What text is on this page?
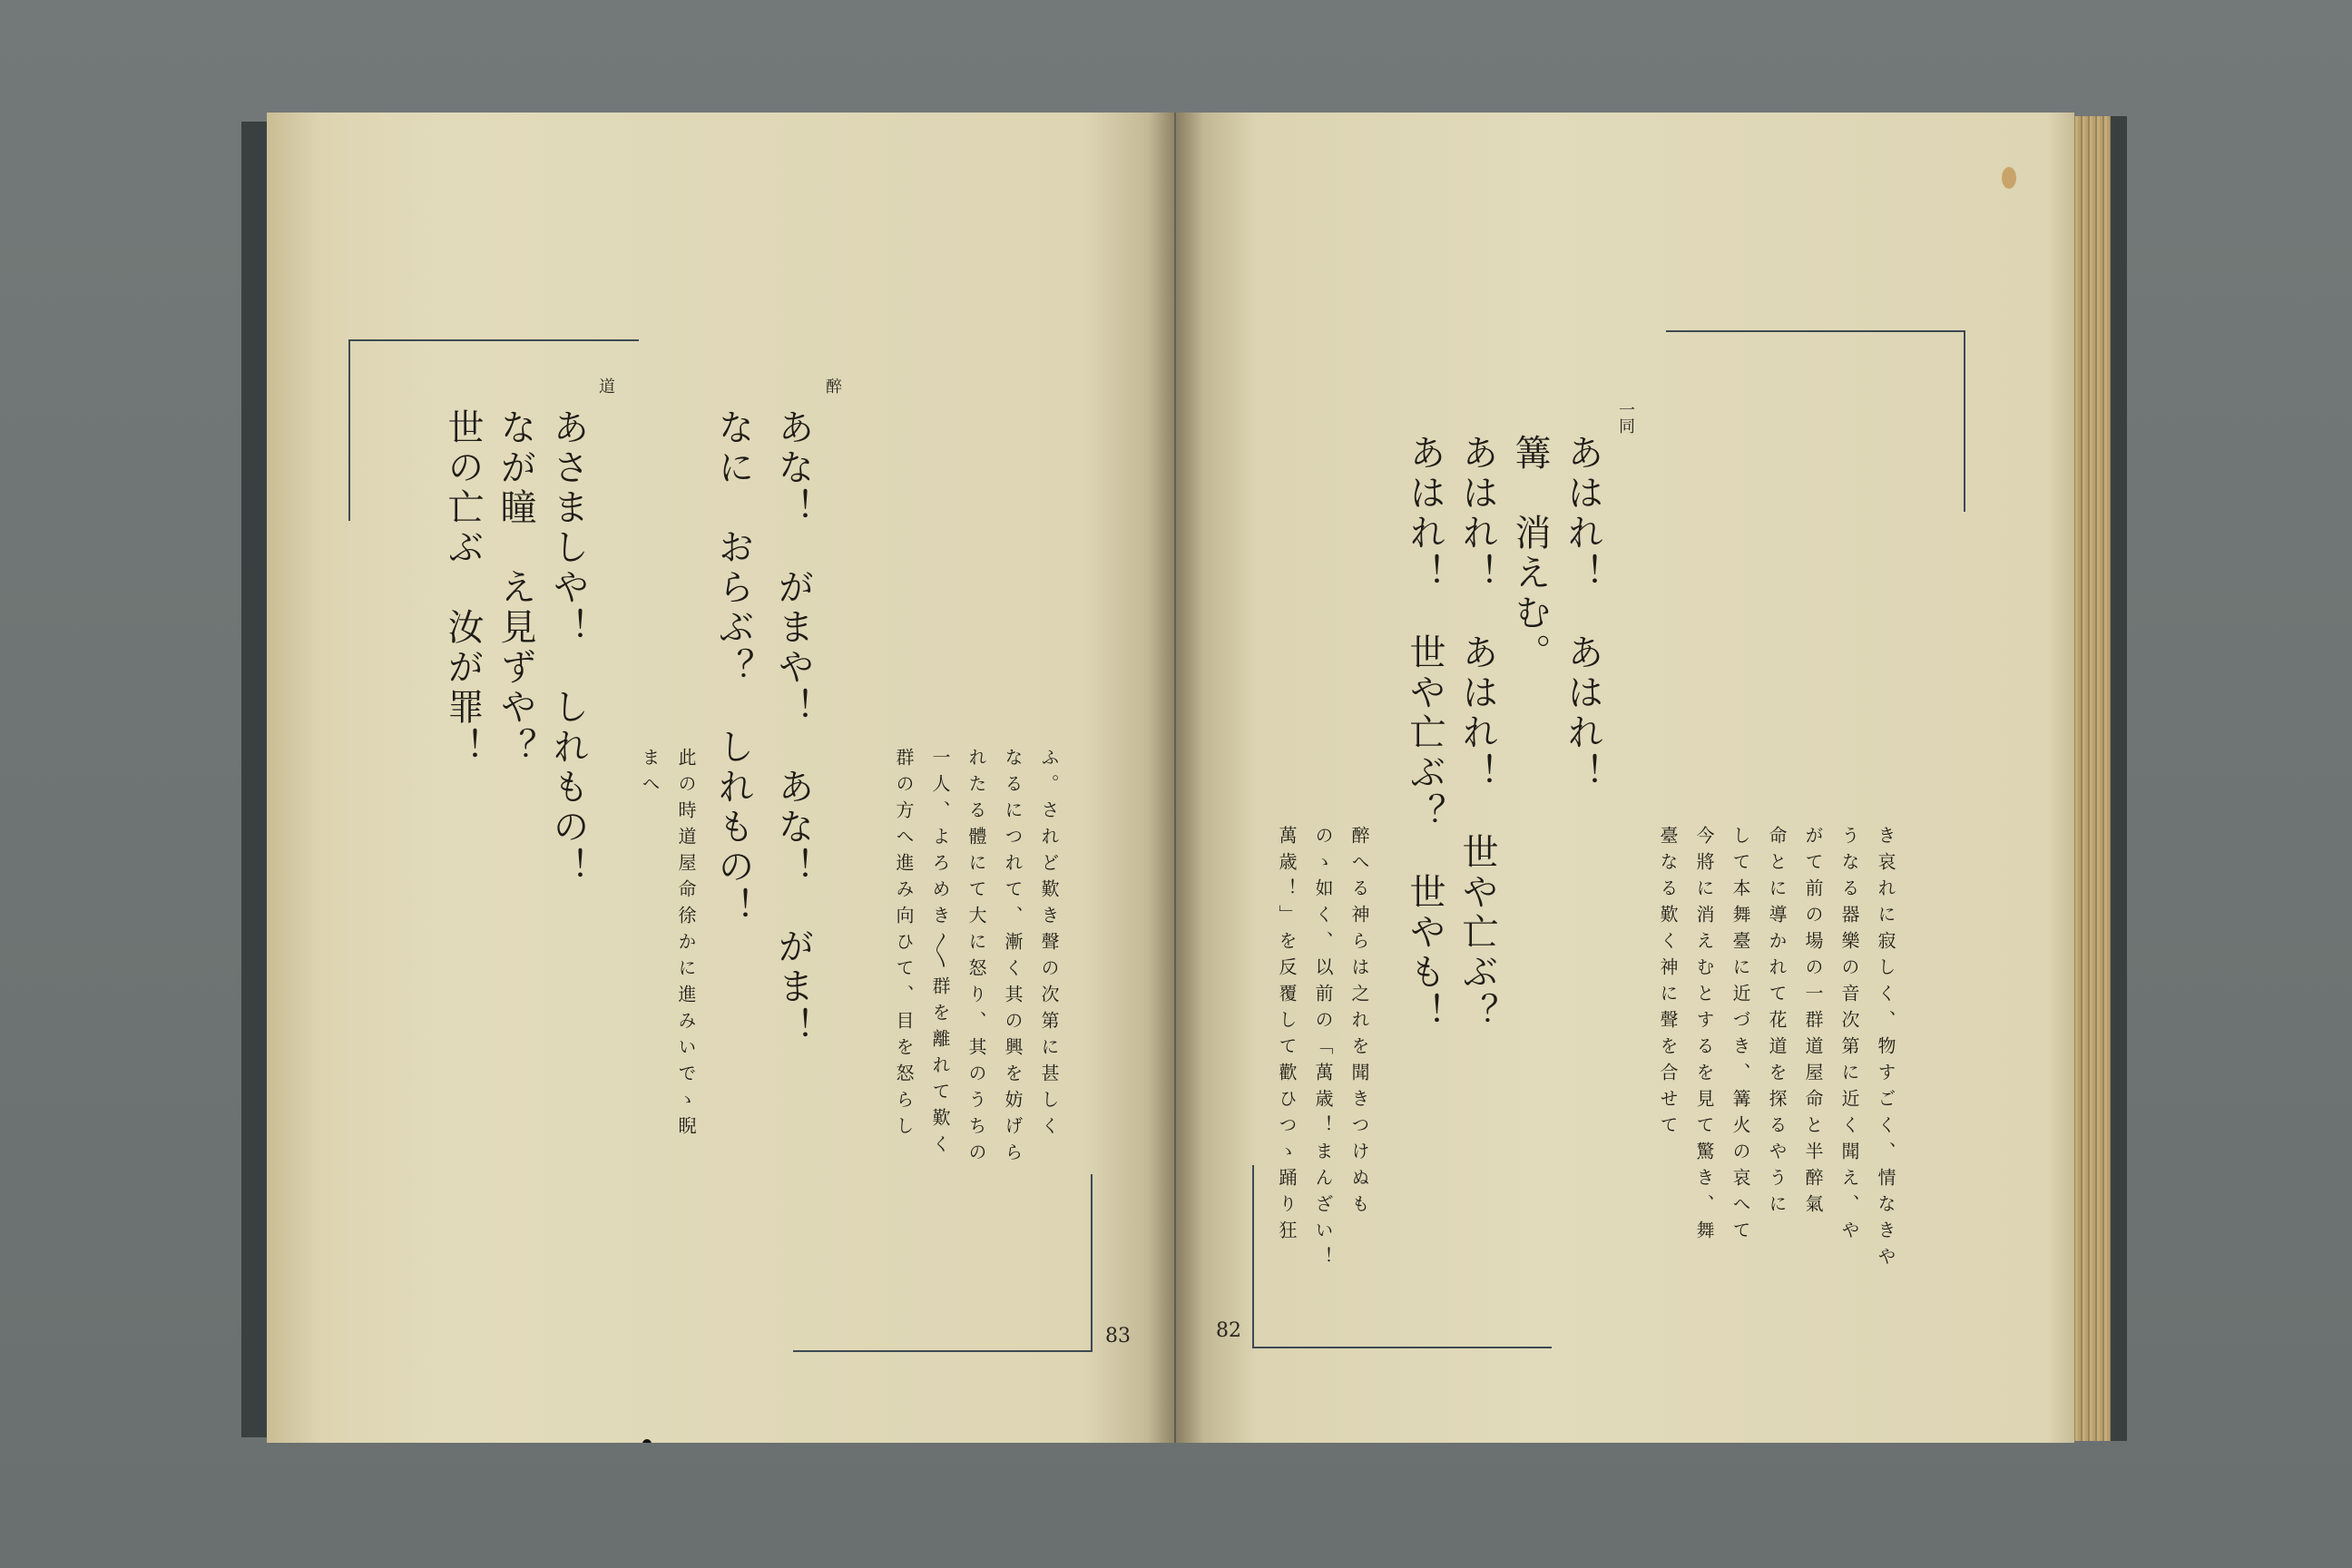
醉
あな！　がまや！　あな！　がま！
なに　おらぶ？　しれもの！
道
あさましや！　しれもの！
なが瞳　え見ずや？
世の亡ぶ　汝が罪！
ふ。されど歎き聲の次第に甚しく
なるにつれて、漸く其の興を妨げら
れたる體にて大に怒り、其のうちの
一人、よろめき〳〵群を離れて歎く
群の方へ進み向ひて、目を怒らし
此の時道屋命徐かに進みいでゝ睨
まへ
83
一同
あはれ！　あはれ！
篝　消えむ。
あはれ！　あはれ！　世や亡ぶ？
あはれ！　世や亡ぶ？　世やも！
き哀れに寂しく、物すごく、情なきや
うなる器樂の音次第に近く聞え、や
がて前の場の一群道屋命と半醉氣
命とに導かれて花道を探るやうに
して本舞臺に近づき、篝火の哀へて
今將に消えむとするを見て驚き、舞
臺なる歎く神に聲を合せて
醉へる神らは之れを聞きつけぬも
のゝ如く、以前の「萬歳！まんざい！
萬歳！」を反覆して歡ひつゝ踊り狂
82
